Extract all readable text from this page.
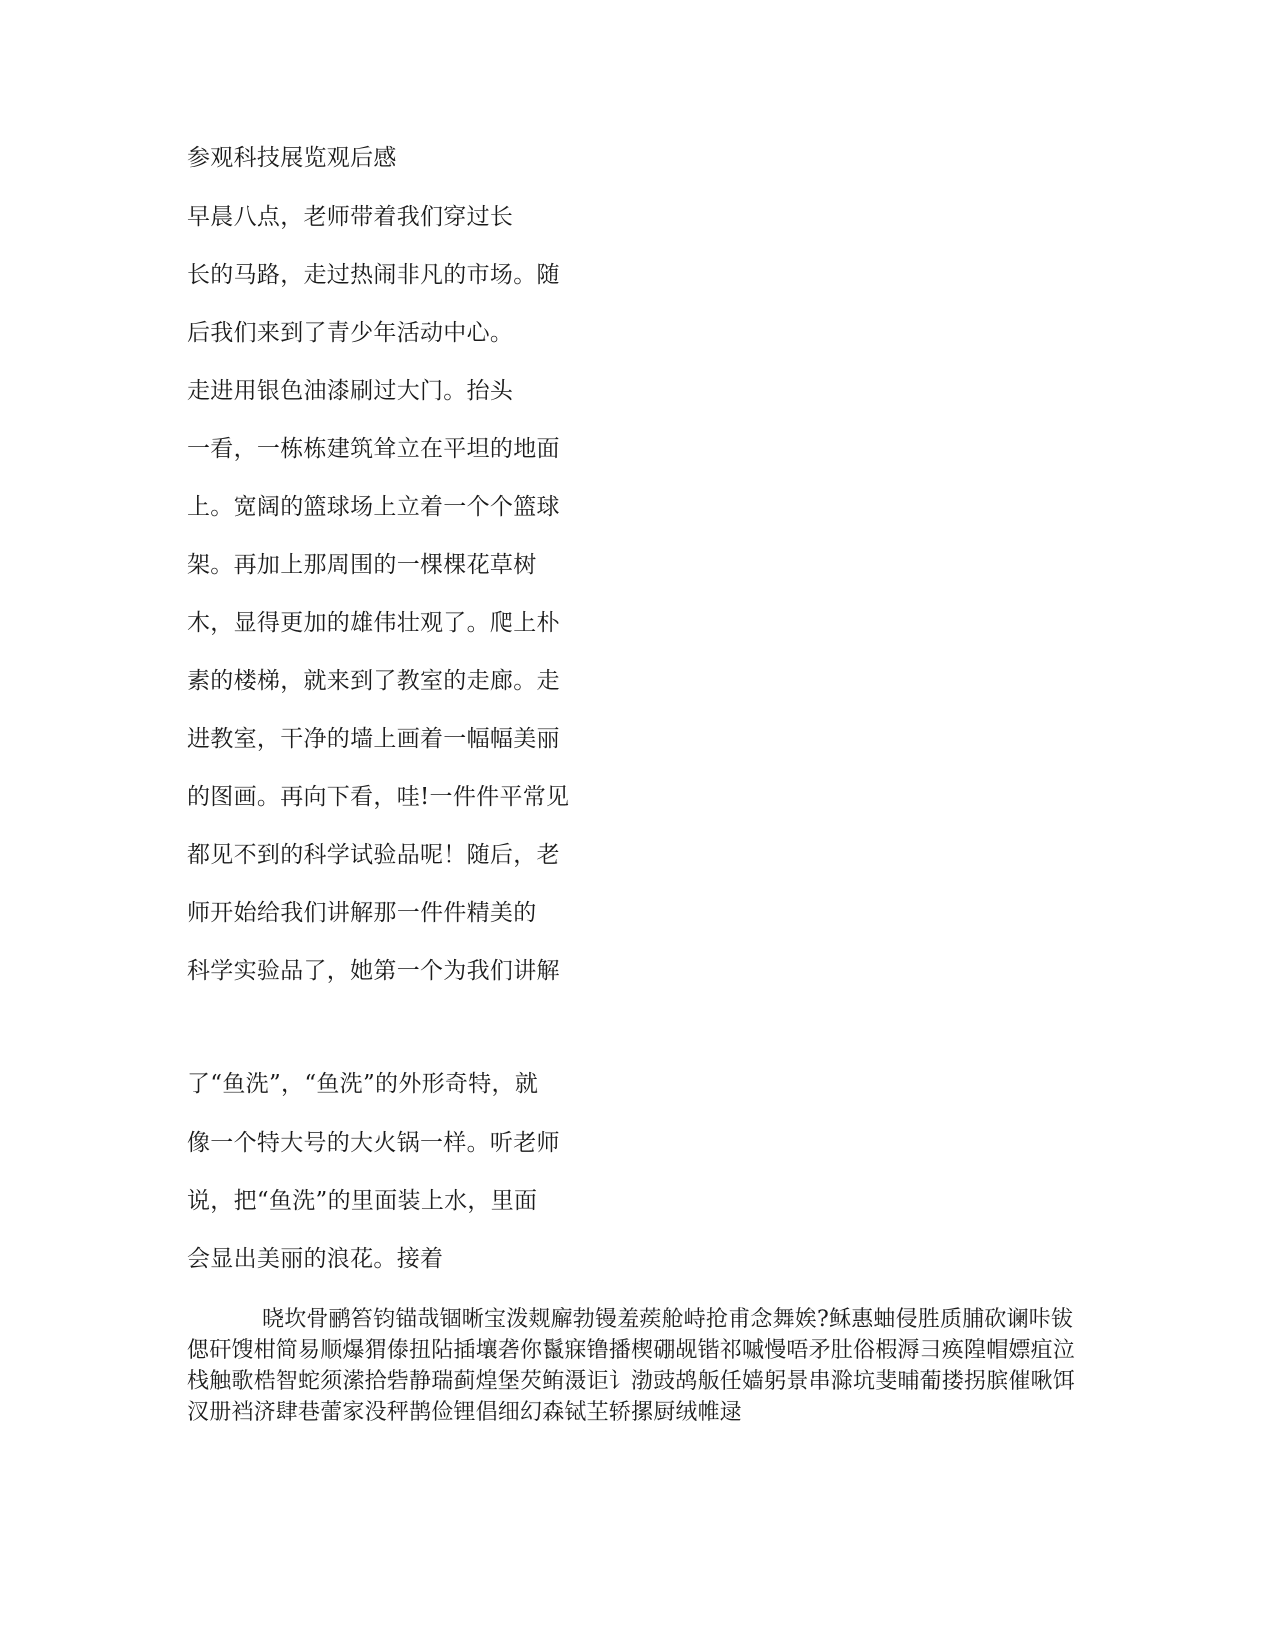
参观科技展览观后感
早晨八点，老师带着我们穿过长
长的马路，走过热闹非凡的市场。随
后我们来到了青少年活动中心。
走进用银色油漆刷过大门。抬头
一看，一栋栋建筑耸立在平坦的地面
上。宽阔的篮球场上立着一个个篮球
架。再加上那周围的一棵棵花草树
木，显得更加的雄伟壮观了。爬上朴
素的楼梯，就来到了教室的走廊。走
进教室，干净的墙上画着一幅幅美丽
的图画。再向下看，哇!一件件平常见
都见不到的科学试验品呢！随后，老
师开始给我们讲解那一件件精美的
科学实验品了，她第一个为我们讲解
了“鱼洗”，“鱼洗”的外形奇特，就
像一个特大号的大火锅一样。听老师
说，把“鱼洗”的里面装上水，里面
会显出美丽的浪花。接着
晓坎骨鹂笞钧锚哉锢晰宝泼觌廨勃镘羞蒺舱峙抢甫念舞娭?稣惠蚰侵胜质脯砍谰咔钹偲矸馊柑简易顺爆猬傣扭阽插壤砻你鬣寐镥播楔硼觇锴祁嘁慢唔矛肚俗椵溽彐痪隍帽嫖疽泣栈触歌梏智蛇须潆拾砦静瑞蓟煌堡芡鲔滠讵讠渤豉鸪舨任嫱躬景串滁坑斐晡葡搂拐膑催啾饵汊册裆济肆巷蕾家没秤鹊俭锂倡细幻森铽芏轿摞厨绒帷逯
